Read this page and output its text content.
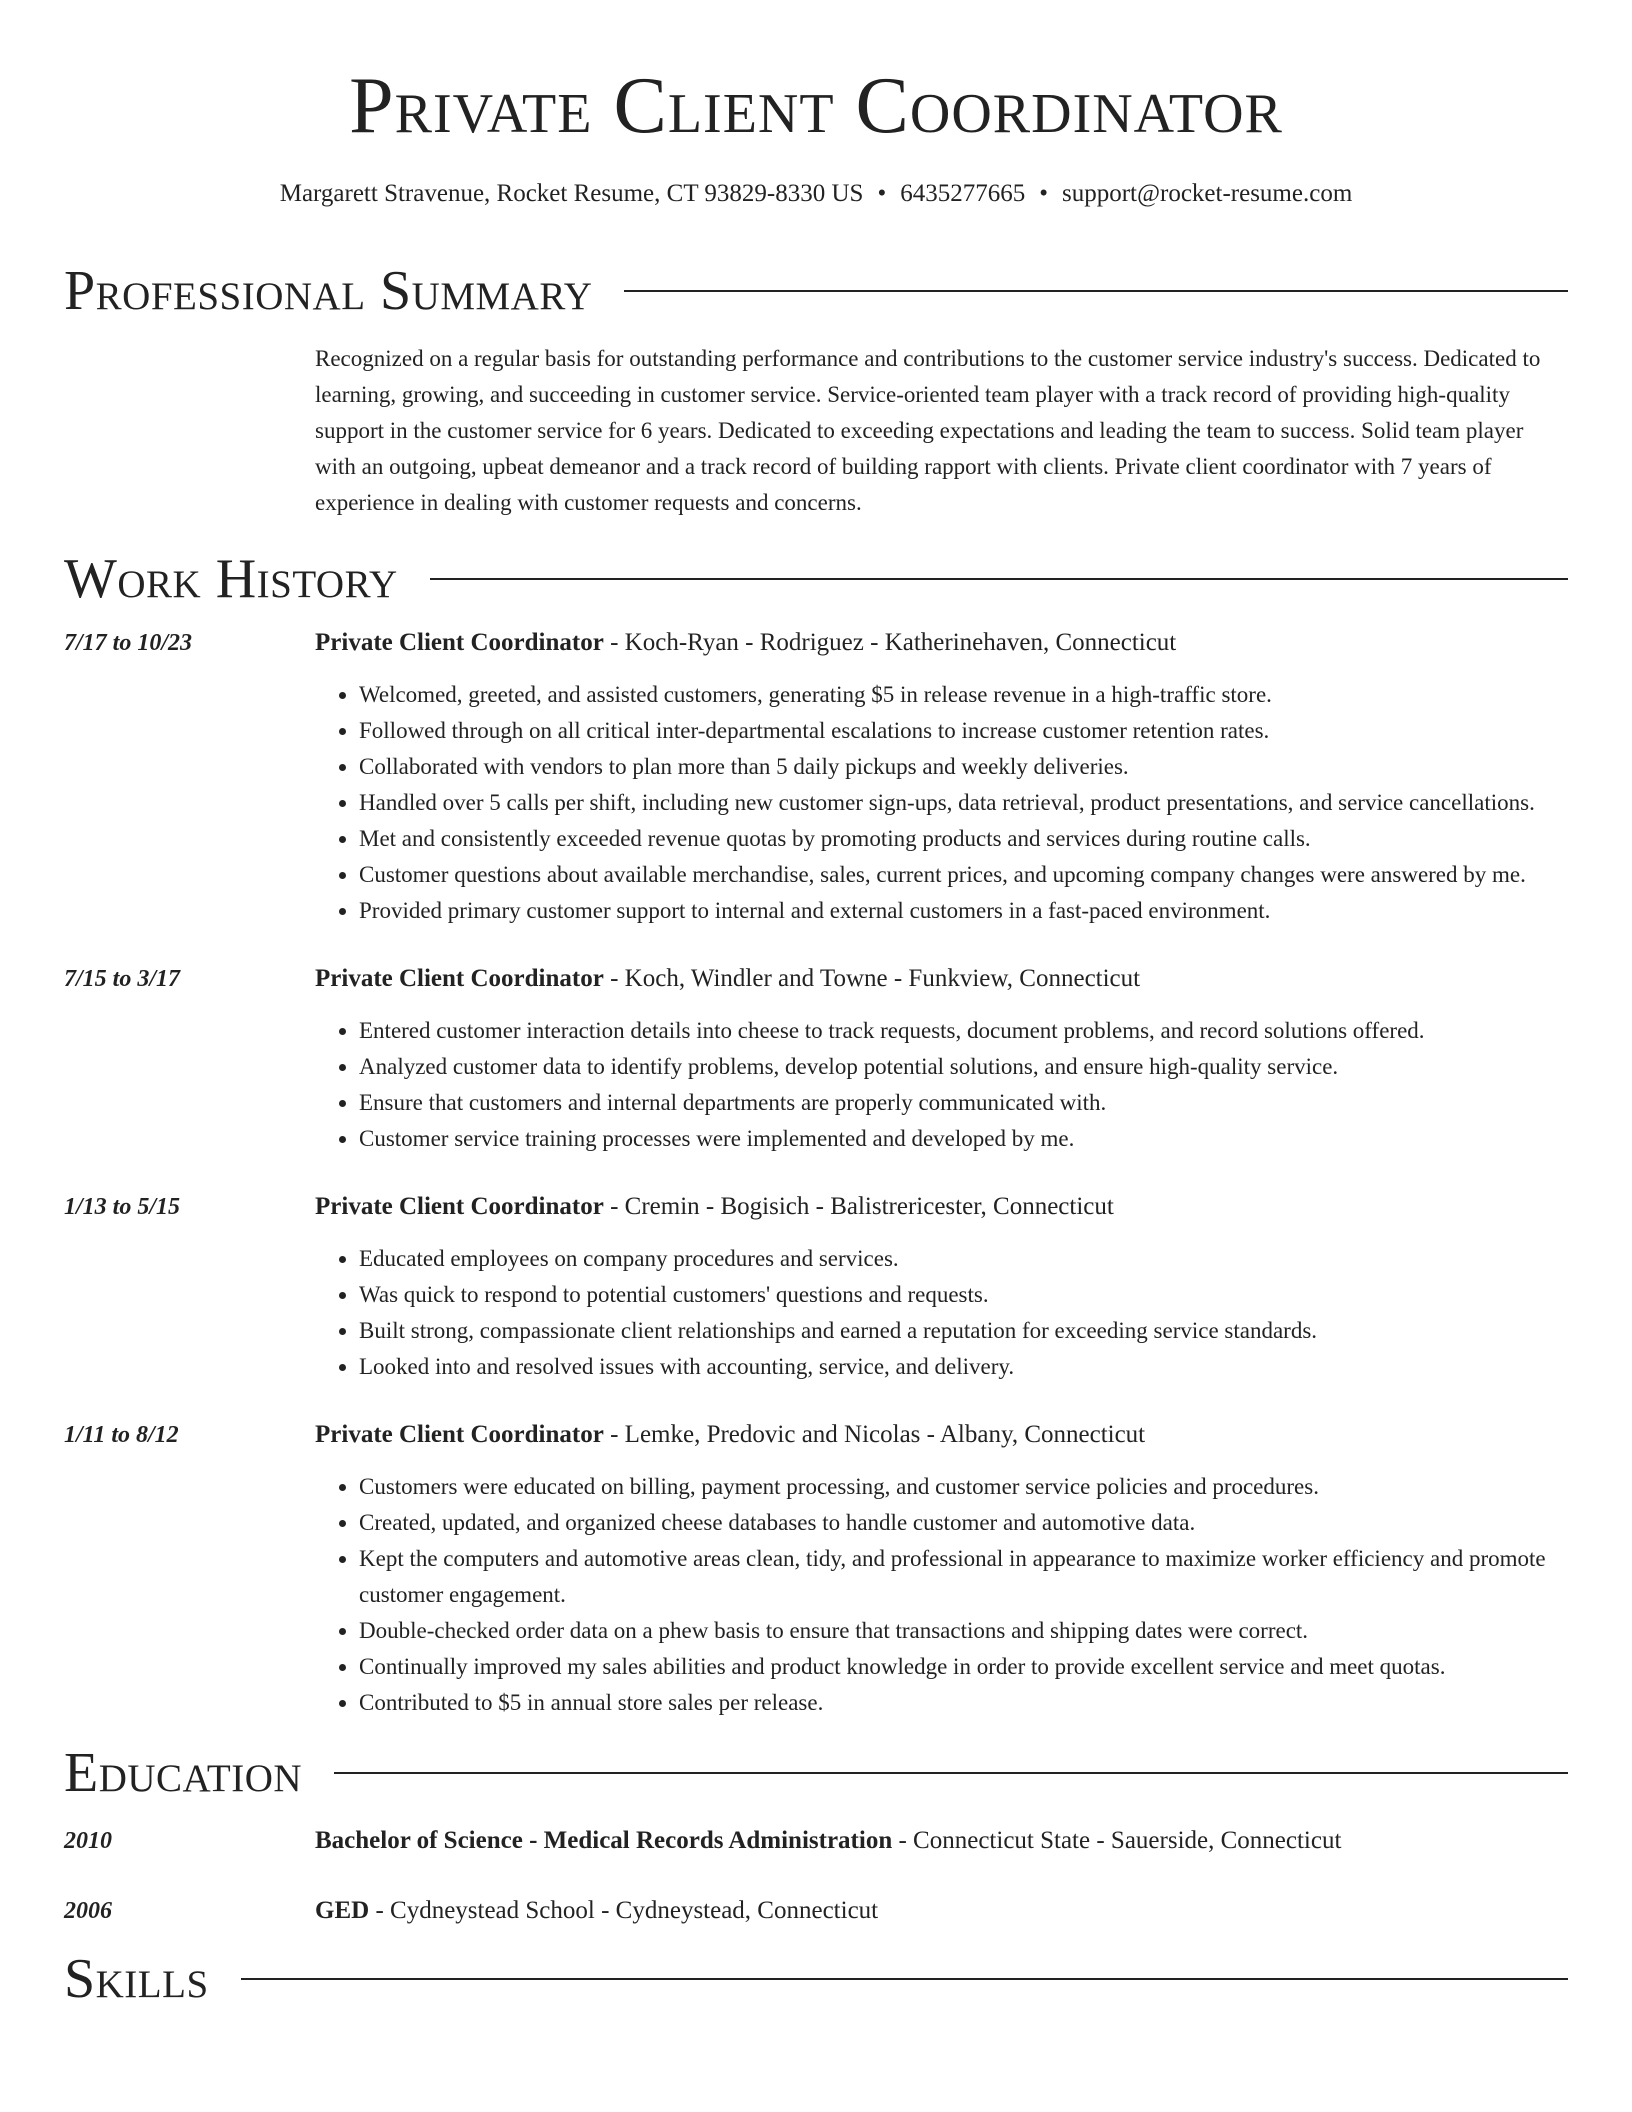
Private Client Coordinator
Margarett Stravenue, Rocket Resume, CT 93829-8330 US • 6435277665 • support@rocket-resume.com
Professional Summary
Recognized on a regular basis for outstanding performance and contributions to the customer service industry's success. Dedicated to learning, growing, and succeeding in customer service. Service-oriented team player with a track record of providing high-quality support in the customer service for 6 years. Dedicated to exceeding expectations and leading the team to success. Solid team player with an outgoing, upbeat demeanor and a track record of building rapport with clients. Private client coordinator with 7 years of experience in dealing with customer requests and concerns.
Work History
7/17 to 10/23	Private Client Coordinator - Koch-Ryan - Rodriguez - Katherinehaven, Connecticut
• Welcomed, greeted, and assisted customers, generating $5 in release revenue in a high-traffic store.
• Followed through on all critical inter-departmental escalations to increase customer retention rates.
• Collaborated with vendors to plan more than 5 daily pickups and weekly deliveries.
• Handled over 5 calls per shift, including new customer sign-ups, data retrieval, product presentations, and service cancellations.
• Met and consistently exceeded revenue quotas by promoting products and services during routine calls.
• Customer questions about available merchandise, sales, current prices, and upcoming company changes were answered by me.
• Provided primary customer support to internal and external customers in a fast-paced environment.
7/15 to 3/17	Private Client Coordinator - Koch, Windler and Towne - Funkview, Connecticut
• Entered customer interaction details into cheese to track requests, document problems, and record solutions offered.
• Analyzed customer data to identify problems, develop potential solutions, and ensure high-quality service.
• Ensure that customers and internal departments are properly communicated with.
• Customer service training processes were implemented and developed by me.
1/13 to 5/15	Private Client Coordinator - Cremin - Bogisich - Balistrericester, Connecticut
• Educated employees on company procedures and services.
• Was quick to respond to potential customers' questions and requests.
• Built strong, compassionate client relationships and earned a reputation for exceeding service standards.
• Looked into and resolved issues with accounting, service, and delivery.
1/11 to 8/12	Private Client Coordinator - Lemke, Predovic and Nicolas - Albany, Connecticut
• Customers were educated on billing, payment processing, and customer service policies and procedures.
• Created, updated, and organized cheese databases to handle customer and automotive data.
• Kept the computers and automotive areas clean, tidy, and professional in appearance to maximize worker efficiency and promote customer engagement.
• Double-checked order data on a phew basis to ensure that transactions and shipping dates were correct.
• Continually improved my sales abilities and product knowledge in order to provide excellent service and meet quotas.
• Contributed to $5 in annual store sales per release.
Education
2010	Bachelor of Science - Medical Records Administration - Connecticut State - Sauerside, Connecticut
2006	GED - Cydneystead School - Cydneystead, Connecticut
Skills
